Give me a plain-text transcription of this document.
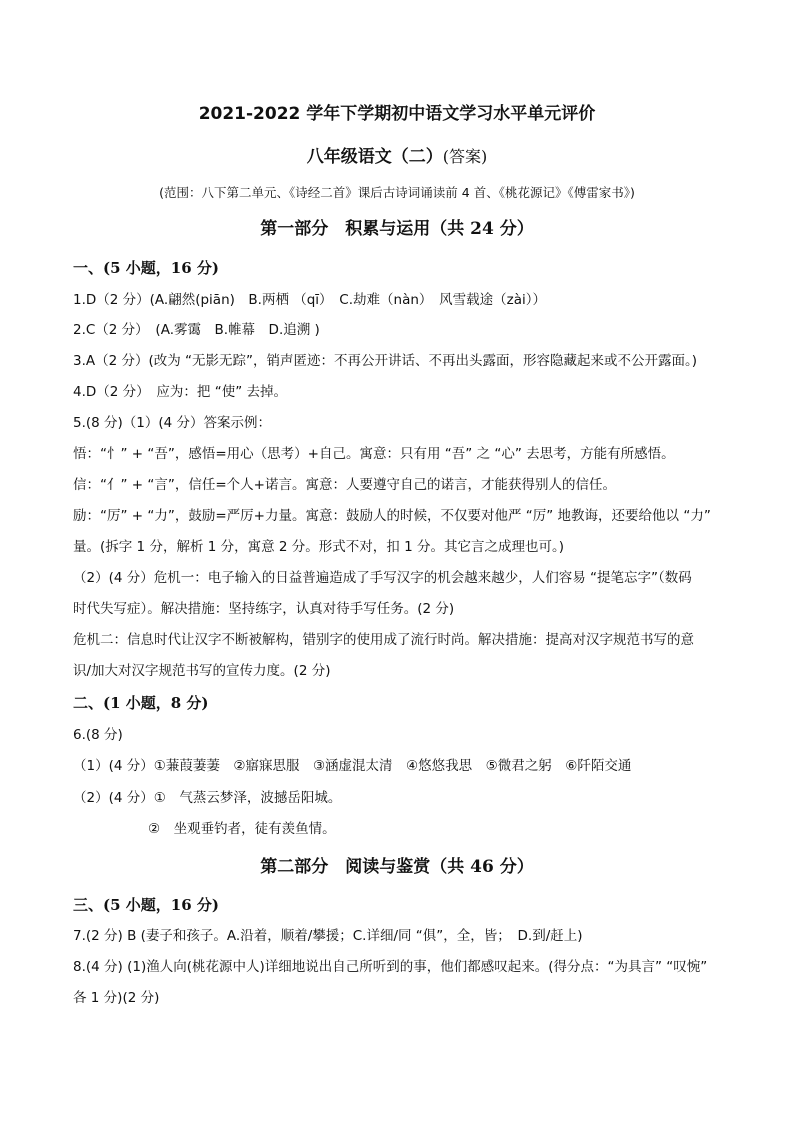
2021-2022 学年下学期初中语文学习水平单元评价
八年级语文（二）(答案)
(范围：八下第二单元、《诗经二首》课后古诗词诵读前 4 首、《桃花源记》《傅雷家书》)
第一部分　积累与运用（共 24 分）
一、(5 小题，16 分)
1.D（2 分）(A.翩然(piān)　B.两栖 （qī）　C.劫难（nàn）　风雪载途（zài））
2.C（2 分）　(A.雾霭　B.帷幕　D.追溯 )
3.A（2 分）(改为 “无影无踪”，销声匿迹：不再公开讲话、不再出头露面，形容隐藏起来或不公开露面。)
4.D（2 分）　应为：把 “使” 去掉。
5.(8 分)（1）(4 分）答案示例：
悟：“忄” + “吾”，感悟=用心（思考）+自己。寓意：只有用 “吾” 之 “心” 去思考，方能有所感悟。
信：“亻” + “言”，信任=个人+诺言。寓意：人要遵守自己的诺言，才能获得别人的信任。
励：“厉” + “力”，鼓励=严厉+力量。寓意：鼓励人的时候，不仅要对他严 “厉” 地教诲，还要给他以 “力”
量。(拆字 1 分，解析 1 分，寓意 2 分。形式不对，扣 1 分。其它言之成理也可。)
（2）(4 分）危机一：电子输入的日益普遍造成了手写汉字的机会越来越少，人们容易 “提笔忘字”（数码
时代失写症）。解决措施：坚持练字，认真对待手写任务。(2 分)
危机二：信息时代让汉字不断被解构，错别字的使用成了流行时尚。解决措施：提高对汉字规范书写的意
识/加大对汉字规范书写的宣传力度。(2 分)
二、(1 小题，8 分)
6.(8 分)
（1）(4 分）①蒹葭萋萋　②寤寐思服　③涵虚混太清　④悠悠我思　⑤微君之躬　⑥阡陌交通
（2）(4 分）①　气蒸云梦泽，波撼岳阳城。
②　坐观垂钓者，徒有羡鱼情。
第二部分　阅读与鉴赏（共 46 分）
三、(5 小题，16 分)
7.(2 分) B (妻子和孩子。A.沿着，顺着/攀援；C.详细/同 “俱”，全，皆；　D.到/赶上)
8.(4 分) (1)渔人向(桃花源中人)详细地说出自己所听到的事，他们都感叹起来。(得分点：“为具言” “叹惋”
各 1 分)(2 分)
